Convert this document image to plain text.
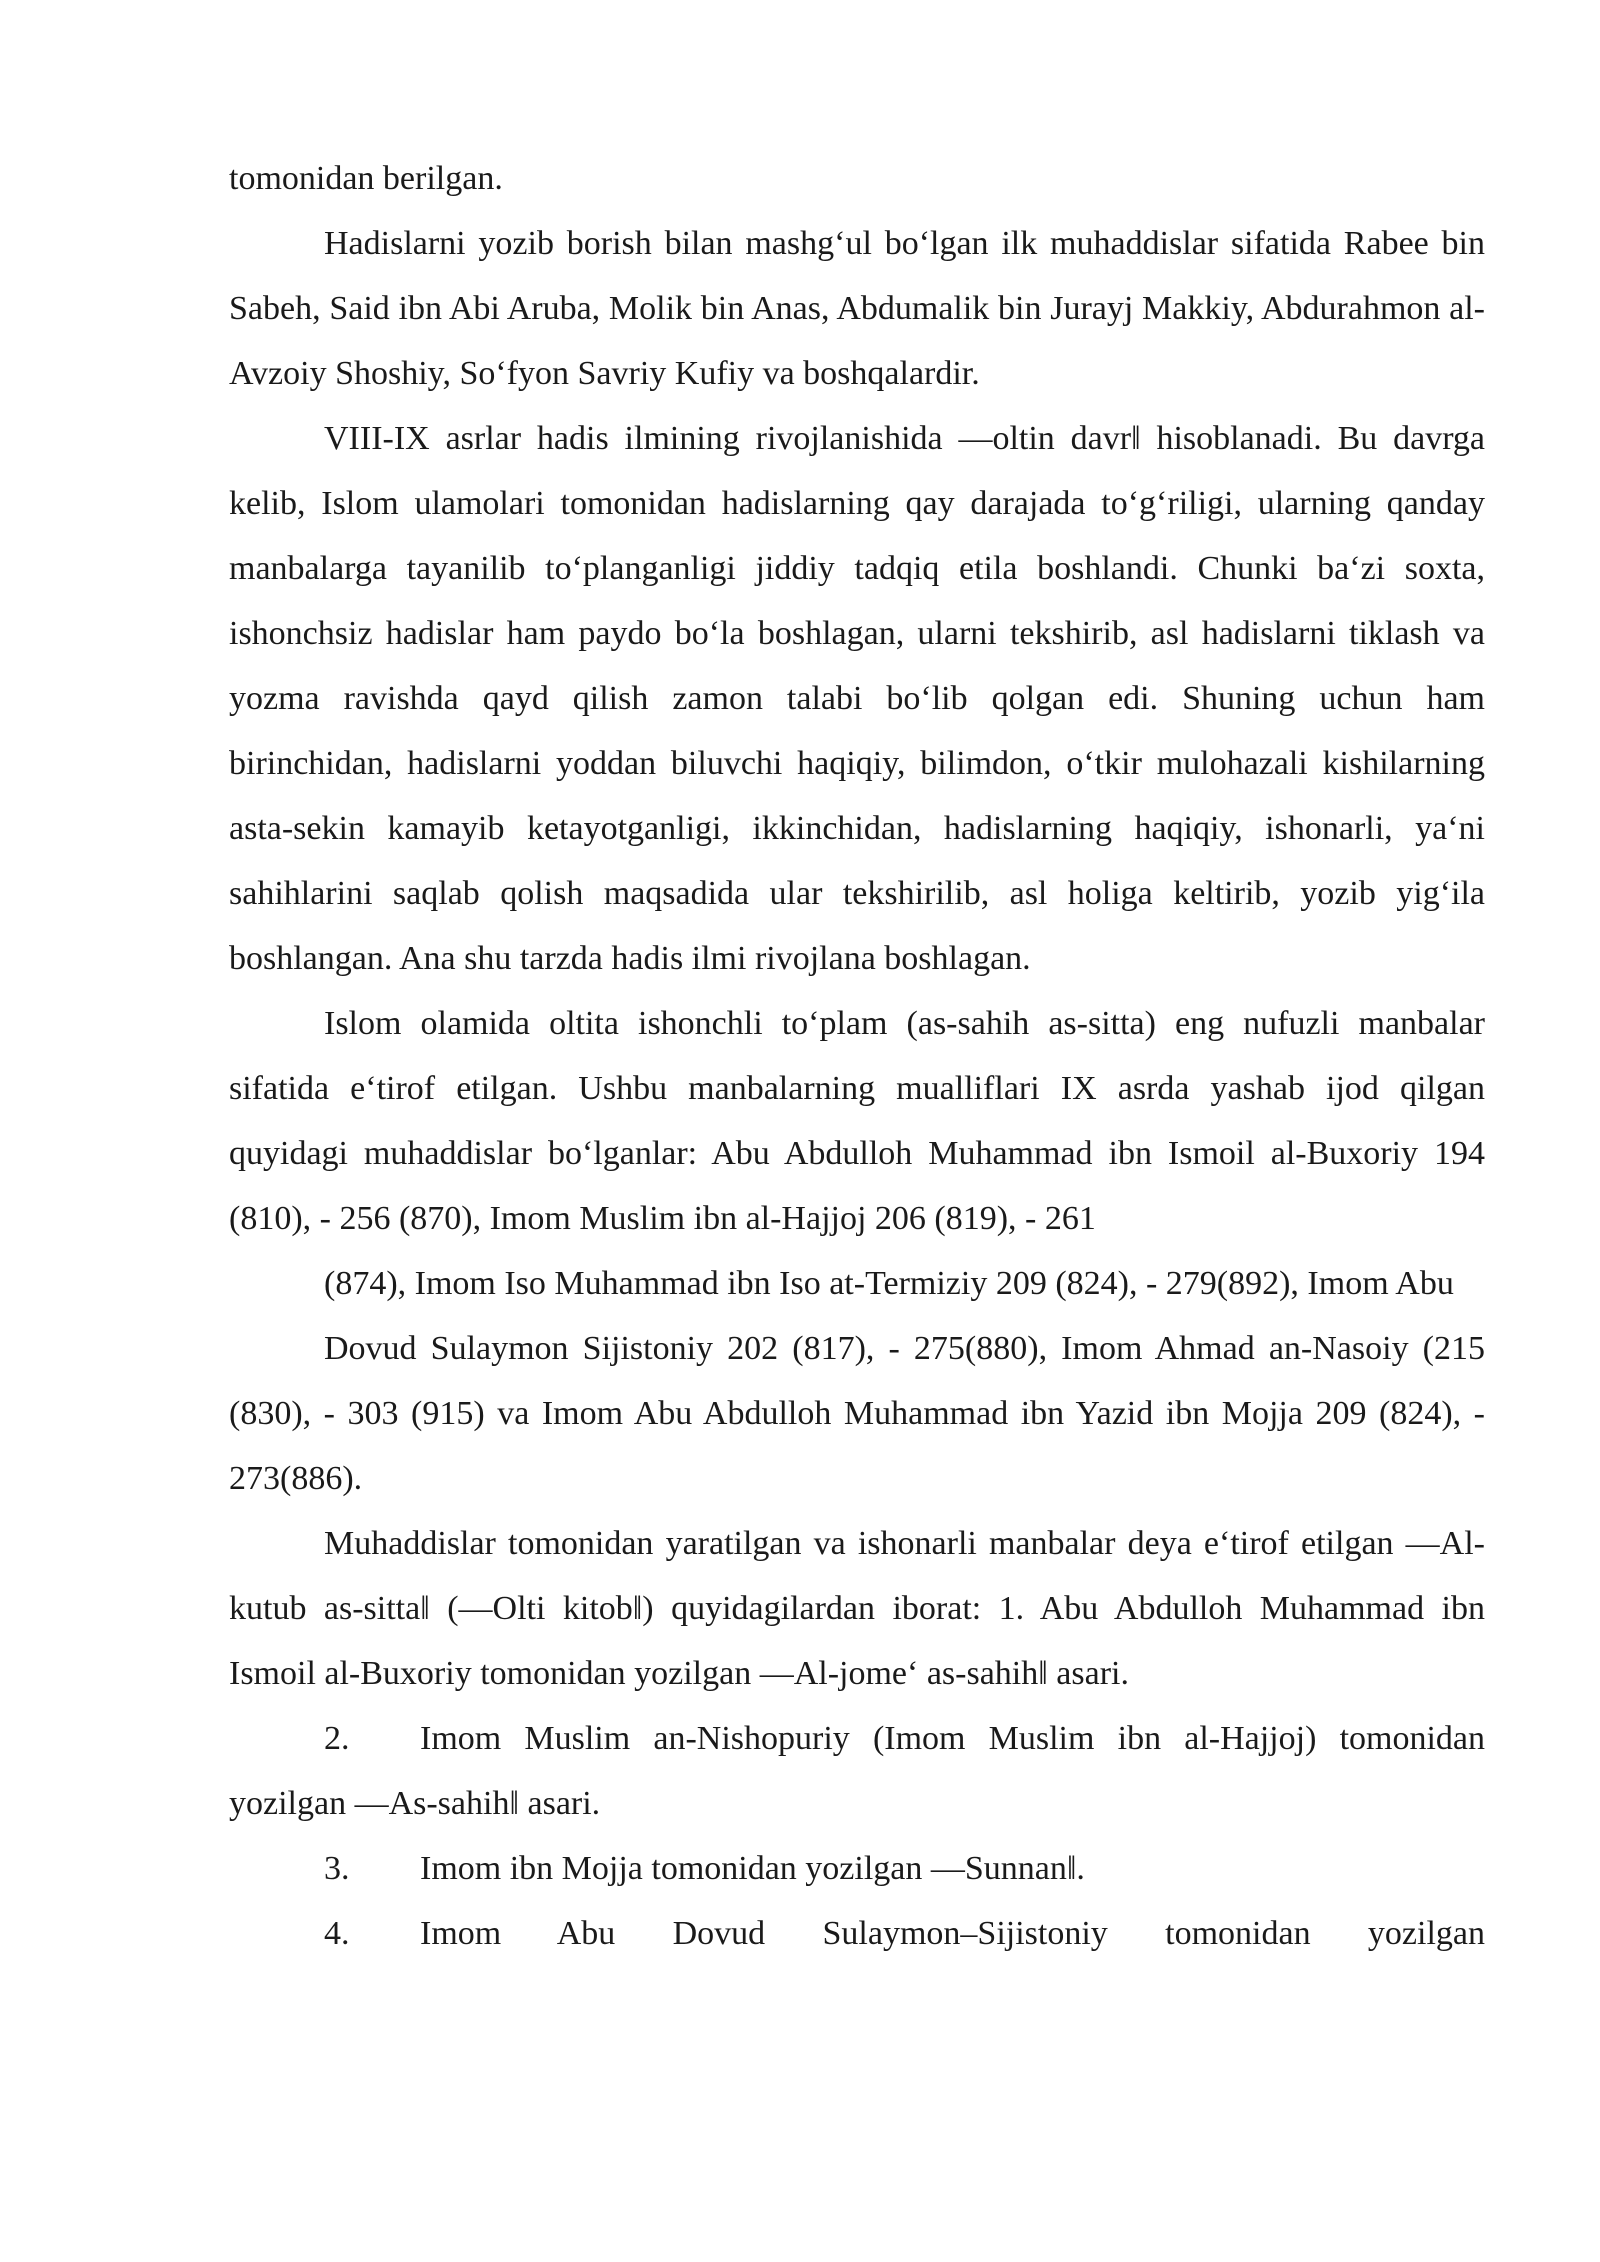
tomonidan berilgan.

Hadislarni yozib borish bilan mashg‘ul bo‘lgan ilk muhaddislar sifatida Rabee bin Sabeh, Said ibn Abi Aruba, Molik bin Anas, Abdumalik bin Jurayj Makkiy, Abdurahmon al-Avzoiy Shoshiy, So‘fyon Savriy Kufiy va boshqalardir.

VIII-IX asrlar hadis ilmining rivojlanishida ―oltin davr‖ hisoblanadi. Bu davrga kelib, Islom ulamolari tomonidan hadislarning qay darajada to‘g‘riligi, ularning qanday manbalarga tayanilib to‘planganligi jiddiy tadqiq etila boshlandi. Chunki ba‘zi soxta, ishonchsiz hadislar ham paydo bo‘la boshlagan, ularni tekshirib, asl hadislarni tiklash va yozma ravishda qayd qilish zamon talabi bo‘lib qolgan edi. Shuning uchun ham birinchidan, hadislarni yoddan biluvchi haqiqiy, bilimdon, o‘tkir mulohazali kishilarning asta-sekin kamayib ketayotganligi, ikkinchidan, hadislarning haqiqiy, ishonarli, ya‘ni sahihlarini saqlab qolish maqsadida ular tekshirilib, asl holiga keltirib, yozib yig‘ila boshlangan. Ana shu tarzda hadis ilmi rivojlana boshlagan.

Islom olamida oltita ishonchli to‘plam (as-sahih as-sitta) eng nufuzli manbalar sifatida e‘tirof etilgan. Ushbu manbalarning mualliflari IX asrda yashab ijod qilgan quyidagi muhaddislar bo‘lganlar: Abu Abdulloh Muhammad ibn Ismoil al-Buxoriy 194 (810), - 256 (870), Imom Muslim ibn al-Hajjoj 206 (819), - 261

(874), Imom Iso Muhammad ibn Iso at-Termiziy 209 (824), - 279(892), Imom Abu

Dovud Sulaymon Sijistoniy 202 (817), - 275(880), Imom Ahmad an-Nasoiy (215 (830), - 303 (915) va Imom Abu Abdulloh Muhammad ibn Yazid ibn Mojja 209 (824), - 273(886).

Muhaddislar tomonidan yaratilgan va ishonarli manbalar deya e‘tirof etilgan ―Al-kutub as-sitta‖ (―Olti kitob‖) quyidagilardan iborat: 1. Abu Abdulloh Muhammad ibn Ismoil al-Buxoriy tomonidan yozilgan ―Al-jome‘ as-sahih‖ asari.

2. Imom Muslim an-Nishopuriy (Imom Muslim ibn al-Hajjoj) tomonidan yozilgan ―As-sahih‖ asari.

3.	Imom ibn Mojja tomonidan yozilgan ―Sunnan‖.

4. Imom Abu Dovud Sulaymon–Sijistoniy tomonidan yozilgan
